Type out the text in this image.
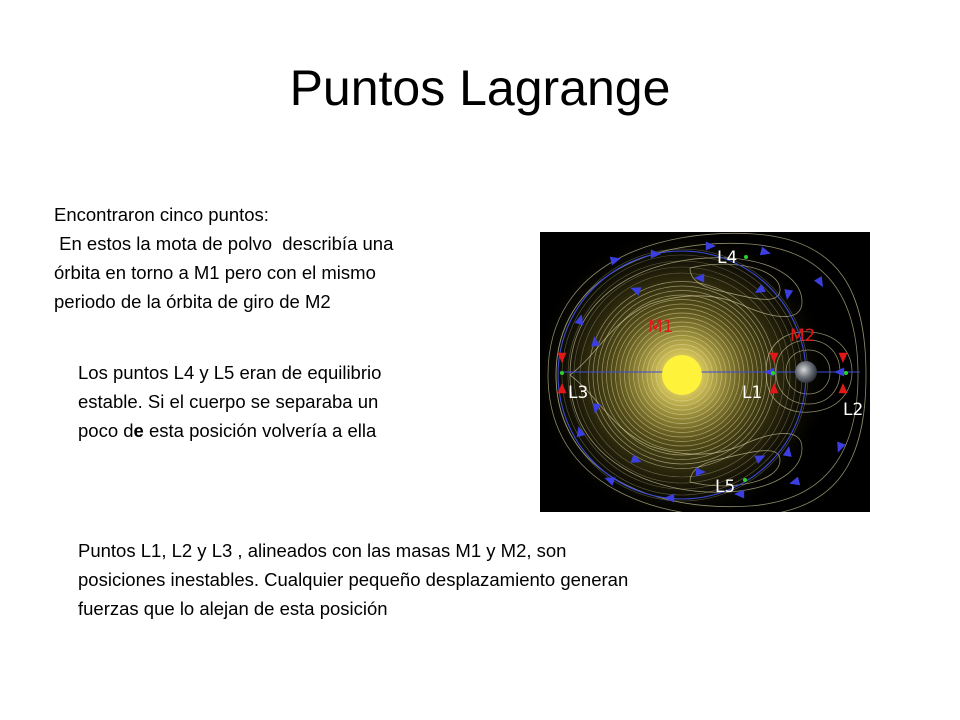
Puntos Lagrange

Encontraron cinco puntos:

En estos la mota de polvo  describía una

órbita en torno a M1 pero con el mismo

periodo de la órbita de giro de M2

Los puntos L4 y L5 eran de equilibrio

estable. Si el cuerpo se separaba un

poco de esta posición volvería a ella

Puntos L1, L2 y L3 , alineados con las masas M1 y M2, son

posiciones inestables. Cualquier pequeño desplazamiento generan

fuerzas que lo alejan de esta posición

M1	M2
L1
L2
L3
L4
L5
